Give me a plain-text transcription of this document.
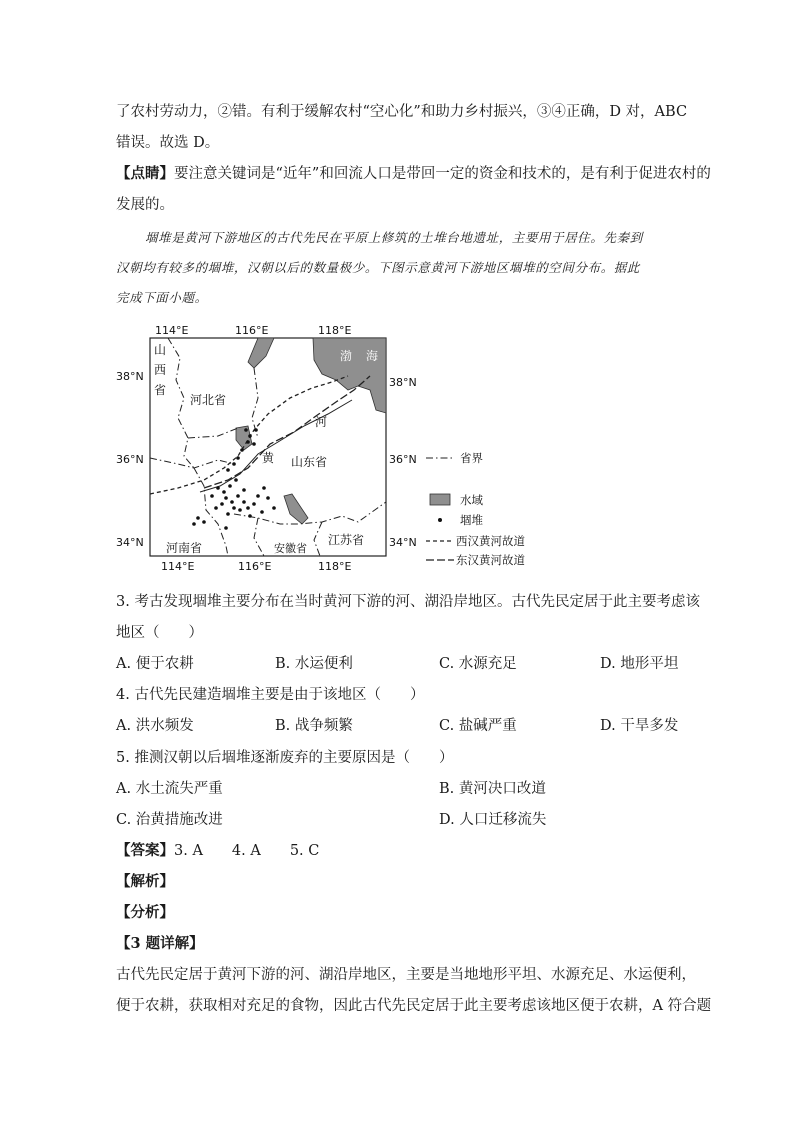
了农村劳动力，②错。有利于缓解农村“空心化”和助力乡村振兴，③④正确，D 对，ABC
错误。故选 D。
【点睛】要注意关键词是“近年”和回流人口是带回一定的资金和技术的，是有利于促进农村的
发展的。
堌堆是黄河下游地区的古代先民在平原上修筑的土堆台地遗址，主要用于居住。先秦到
汉朝均有较多的堌堆，汉朝以后的数量极少。下图示意黄河下游地区堌堆的空间分布。据此
完成下面小题。
114°E	116°E	118°E
114°E	116°E	118°E
38°N
36°N
34°N
38°N
36°N
34°N
山
西
省
河北省
山东省
河南省	安徽省
江苏省
渤 海
河
黄	省界
水域
堌堆
西汉黄河故道
东汉黄河故道
3. 考古发现堌堆主要分布在当时黄河下游的河、湖沿岸地区。古代先民定居于此主要考虑该
地区（　　）
A. 便于农耕	B. 水运便利	C. 水源充足	D. 地形平坦
4. 古代先民建造堌堆主要是由于该地区（　　）
A. 洪水频发	B. 战争频繁	C. 盐碱严重	D. 干旱多发
5. 推测汉朝以后堌堆逐渐废弃的主要原因是（　　）
A. 水土流失严重	B. 黄河决口改道
C. 治黄措施改进	D. 人口迁移流失
【答案】3. A　　4. A　　5. C
【解析】
【分析】
【3 题详解】
古代先民定居于黄河下游的河、湖沿岸地区，主要是当地地形平坦、水源充足、水运便利，
便于农耕，获取相对充足的食物，因此古代先民定居于此主要考虑该地区便于农耕，A 符合题
